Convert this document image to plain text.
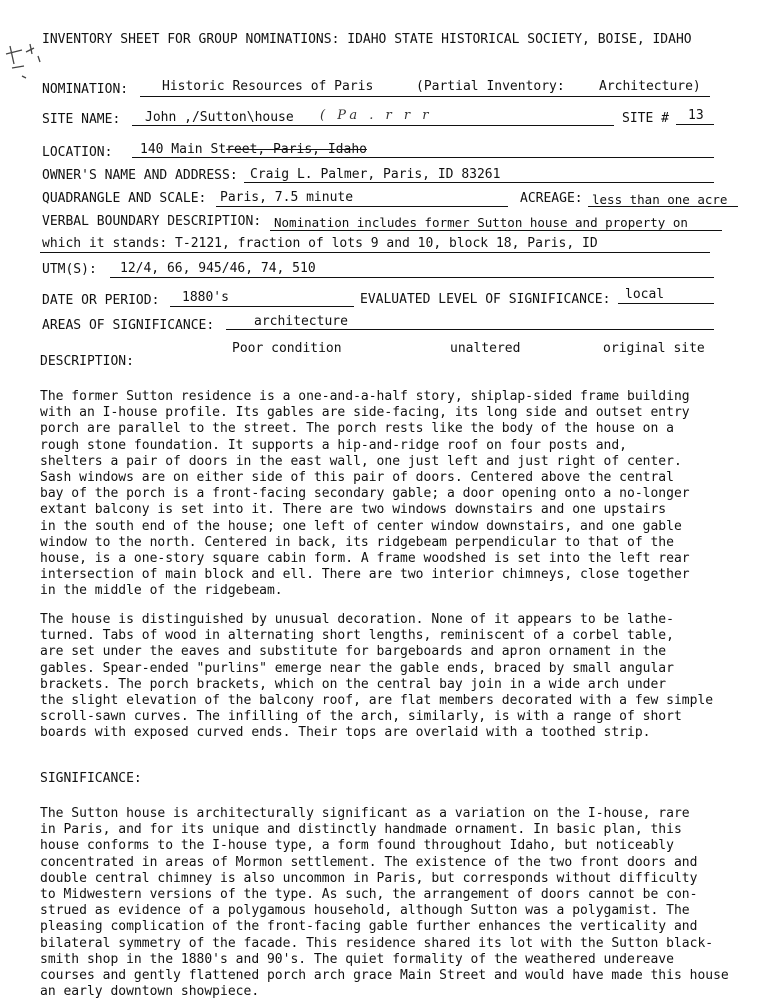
INVENTORY SHEET FOR GROUP NOMINATIONS: IDAHO STATE HISTORICAL SOCIETY, BOISE, IDAHO
NOMINATION:	Historic Resources of Paris	(Partial Inventory:	Architecture)
SITE NAME: John ,/Sutton\house ( Pa . r r r	SITE # 13
LOCATION: 140 Main Street, Paris, Idaho
OWNER'S NAME AND ADDRESS: Craig L. Palmer, Paris, ID 83261
QUADRANGLE AND SCALE: Paris, 7.5 minute	ACREAGE: less than one acre
VERBAL BOUNDARY DESCRIPTION: Nomination includes former Sutton house and property on
which it stands: T-2121, fraction of lots 9 and 10, block 18, Paris, ID
UTM(S): 12/4, 66, 945/46, 74, 510
DATE OR PERIOD: 1880's	EVALUATED LEVEL OF SIGNIFICANCE: local
AREAS OF SIGNIFICANCE:	architecture
Poor condition	unaltered	original site
DESCRIPTION:
The former Sutton residence is a one-and-a-half story, shiplap-sided frame building
with an I-house profile. Its gables are side-facing, its long side and outset entry
porch are parallel to the street. The porch rests like the body of the house on a
rough stone foundation. It supports a hip-and-ridge roof on four posts and,
shelters a pair of doors in the east wall, one just left and just right of center.
Sash windows are on either side of this pair of doors. Centered above the central
bay of the porch is a front-facing secondary gable; a door opening onto a no-longer
extant balcony is set into it. There are two windows downstairs and one upstairs
in the south end of the house; one left of center window downstairs, and one gable
window to the north. Centered in back, its ridgebeam perpendicular to that of the
house, is a one-story square cabin form. A frame woodshed is set into the left rear
intersection of main block and ell. There are two interior chimneys, close together
in the middle of the ridgebeam.
The house is distinguished by unusual decoration. None of it appears to be lathe-
turned. Tabs of wood in alternating short lengths, reminiscent of a corbel table,
are set under the eaves and substitute for bargeboards and apron ornament in the
gables. Spear-ended "purlins" emerge near the gable ends, braced by small angular
brackets. The porch brackets, which on the central bay join in a wide arch under
the slight elevation of the balcony roof, are flat members decorated with a few simple
scroll-sawn curves. The infilling of the arch, similarly, is with a range of short
boards with exposed curved ends. Their tops are overlaid with a toothed strip.
SIGNIFICANCE:
The Sutton house is architecturally significant as a variation on the I-house, rare
in Paris, and for its unique and distinctly handmade ornament. In basic plan, this
house conforms to the I-house type, a form found throughout Idaho, but noticeably
concentrated in areas of Mormon settlement. The existence of the two front doors and
double central chimney is also uncommon in Paris, but corresponds without difficulty
to Midwestern versions of the type. As such, the arrangement of doors cannot be con-
strued as evidence of a polygamous household, although Sutton was a polygamist. The
pleasing complication of the front-facing gable further enhances the verticality and
bilateral symmetry of the facade. This residence shared its lot with the Sutton black-
smith shop in the 1880's and 90's. The quiet formality of the weathered undereave
courses and gently flattened porch arch grace Main Street and would have made this house
an early downtown showpiece.
